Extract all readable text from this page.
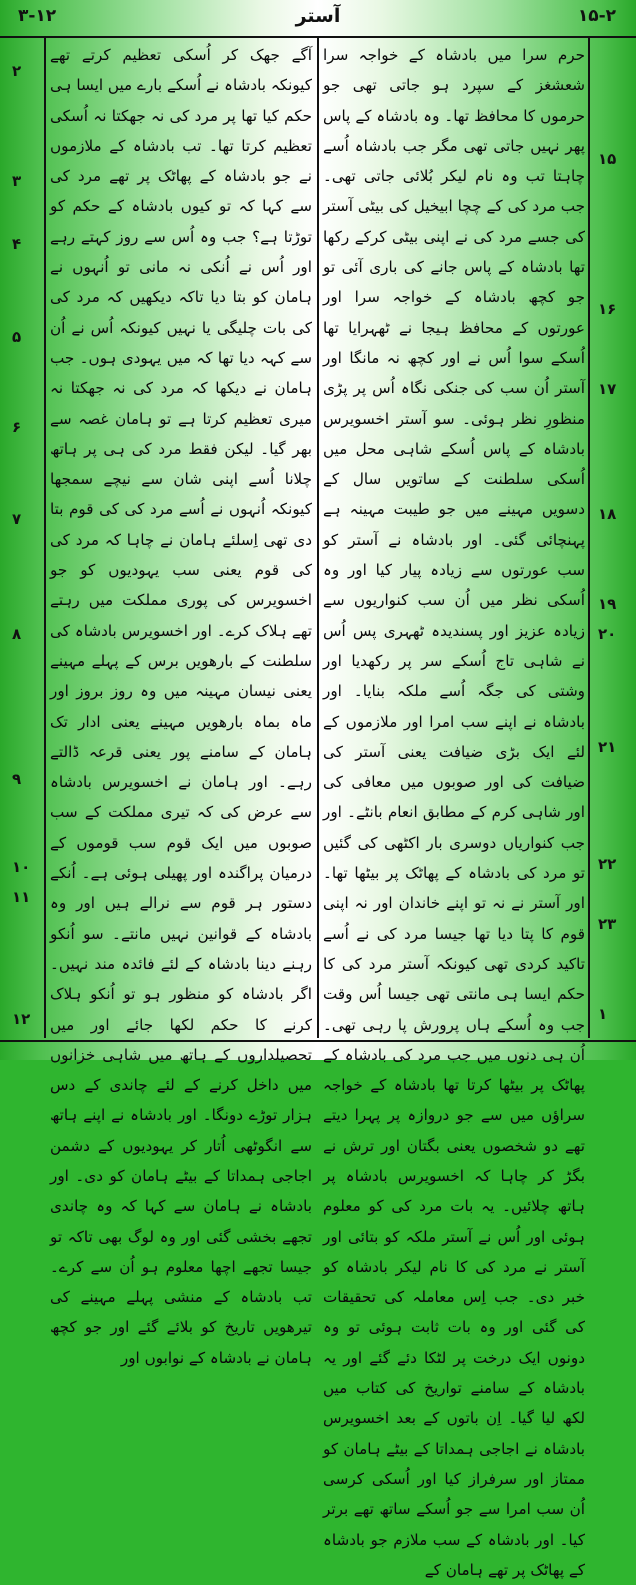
۳-۱۲	آستر	۱۵-۲

حرم سرا میں بادشاہ کے خواجہ سرا شعشغز کے سپرد ہو جاتی تھی جو حرموں کا محافظ تھا۔ وہ بادشاہ کے پاس پھر نہیں جاتی تھی مگر جب بادشاہ اُسے چاہتا تب وہ نام لیکر بُلائی جاتی تھی۔ جب مرد کی کے چچا ابیخیل کی بیٹی آستر کی جسے مرد کی نے اپنی بیٹی کرکے رکھا تھا بادشاہ کے پاس جانے کی باری آئی تو جو کچھ بادشاہ کے خواجہ سرا اور عورتوں کے محافظ ہیجا نے ٹھہرایا تھا اُسکے سوا اُس نے اور کچھ نہ مانگا اور آستر اُن سب کی جنکی نگاہ اُس پر پڑی منظورِ نظر ہوئی۔ سو آستر اخسویرس بادشاہ کے پاس اُسکے شاہی محل میں اُسکی سلطنت کے ساتویں سال کے دسویں مہینے میں جو طیبت مہینہ ہے پہنچائی گئی۔ اور بادشاہ نے آستر کو سب عورتوں سے زیادہ پیار کیا اور وہ اُسکی نظر میں اُن سب کنواریوں سے زیادہ عزیز اور پسندیدہ ٹھہری پس اُس نے شاہی تاج اُسکے سر پر رکھدیا اور وشتی کی جگہ اُسے ملکہ بنایا۔ اور بادشاہ نے اپنے سب امرا اور ملازموں کے لئے ایک بڑی ضیافت یعنی آستر کی ضیافت کی اور صوبوں میں معافی کی اور شاہی کرم کے مطابق انعام بانٹے۔ اور جب کنواریاں دوسری بار اکٹھی کی گئیں تو مرد کی بادشاہ کے پھاٹک پر بیٹھا تھا۔ اور آستر نے نہ تو اپنے خاندان اور نہ اپنی قوم کا پتا دیا تھا جیسا مرد کی نے اُسے تاکید کردی تھی کیونکہ آستر مرد کی کا حکم ایسا ہی مانتی تھی جیسا اُس وقت جب وہ اُسکے ہاں پرورش پا رہی تھی۔ اُن ہی دنوں میں جب مرد کی بادشاہ کے پھاٹک پر بیٹھا کرتا تھا بادشاہ کے خواجہ سراؤں میں سے جو دروازہ پر پہرا دیتے تھے دو شخصوں یعنی بگتان اور ترش نے بگڑ کر چاہا کہ اخسویرس بادشاہ پر ہاتھ چلائیں۔ یہ بات مرد کی کو معلوم ہوئی اور اُس نے آستر ملکہ کو بتائی اور آستر نے مرد کی کا نام لیکر بادشاہ کو خبر دی۔ جب اِس معاملہ کی تحقیقات کی گئی اور وہ بات ثابت ہوئی تو وہ دونوں ایک درخت پر لٹکا دئے گئے اور یہ بادشاہ کے سامنے تواریخ کی کتاب میں لکھ لیا گیا۔ اِن باتوں کے بعد اخسویرس بادشاہ نے اجاجی ہمداتا کے بیٹے ہامان کو ممتاز اور سرفراز کیا اور اُسکی کرسی اُن سب امرا سے جو اُسکے ساتھ تھے برتر کیا۔ اور بادشاہ کے سب ملازم جو بادشاہ کے پھاٹک پر تھے ہامان کے

آگے جھک کر اُسکی تعظیم کرتے تھے کیونکہ بادشاہ نے اُسکے بارے میں ایسا ہی حکم کیا تھا پر مرد کی نہ جھکتا نہ اُسکی تعظیم کرتا تھا۔ تب بادشاہ کے ملازموں نے جو بادشاہ کے پھاٹک پر تھے مرد کی سے کہا کہ تو کیوں بادشاہ کے حکم کو توڑتا ہے؟ جب وہ اُس سے روز کہتے رہے اور اُس نے اُنکی نہ مانی تو اُنہوں نے ہامان کو بتا دیا تاکہ دیکھیں کہ مرد کی کی بات چلیگی یا نہیں کیونکہ اُس نے اُن سے کہہ دیا تھا کہ میں یہودی ہوں۔ جب ہامان نے دیکھا کہ مرد کی نہ جھکتا نہ میری تعظیم کرتا ہے تو ہامان غصہ سے بھر گیا۔ لیکن فقط مرد کی ہی پر ہاتھ چلانا اُسے اپنی شان سے نیچے سمجھا کیونکہ اُنہوں نے اُسے مرد کی کی قوم بتا دی تھی اِسلئے ہامان نے چاہا کہ مرد کی کی قوم یعنی سب یہودیوں کو جو اخسویرس کی پوری مملکت میں رہتے تھے ہلاک کرے۔ اور اخسویرس بادشاہ کی سلطنت کے بارھویں برس کے پہلے مہینے یعنی نیسان مہینہ میں وہ روز بروز اور ماہ بماہ بارھویں مہینے یعنی ادار تک ہامان کے سامنے پور یعنی قرعہ ڈالتے رہے۔ اور ہامان نے اخسویرس بادشاہ سے عرض کی کہ تیری مملکت کے سب صوبوں میں ایک قوم سب قوموں کے درمیان پراگندہ اور پھیلی ہوئی ہے۔ اُنکے دستور ہر قوم سے نرالے ہیں اور وہ بادشاہ کے قوانین نہیں مانتے۔ سو اُنکو رہنے دینا بادشاہ کے لئے فائدہ مند نہیں۔ اگر بادشاہ کو منظور ہو تو اُنکو ہلاک کرنے کا حکم لکھا جائے اور میں تحصیلداروں کے ہاتھ میں شاہی خزانوں میں داخل کرنے کے لئے چاندی کے دس ہزار توڑے دونگا۔ اور بادشاہ نے اپنے ہاتھ سے انگوٹھی اُتار کر یہودیوں کے دشمن اجاجی ہمداتا کے بیٹے ہامان کو دی۔ اور بادشاہ نے ہامان سے کہا کہ وہ چاندی تجھے بخشی گئی اور وہ لوگ بھی تاکہ تو جیسا تجھے اچھا معلوم ہو اُن سے کرے۔ تب بادشاہ کے منشی پہلے مہینے کی تیرھویں تاریخ کو بلائے گئے اور جو کچھ ہامان نے بادشاہ کے نوابوں اور

۱۵
۱۶
۱۷
۱۸
۱۹
۲۰
۲۱
۲۲
۲۳
۱
۲
۳
۴
۵
۶
۷
۸
۹
۱۰
۱۱
۱۲
